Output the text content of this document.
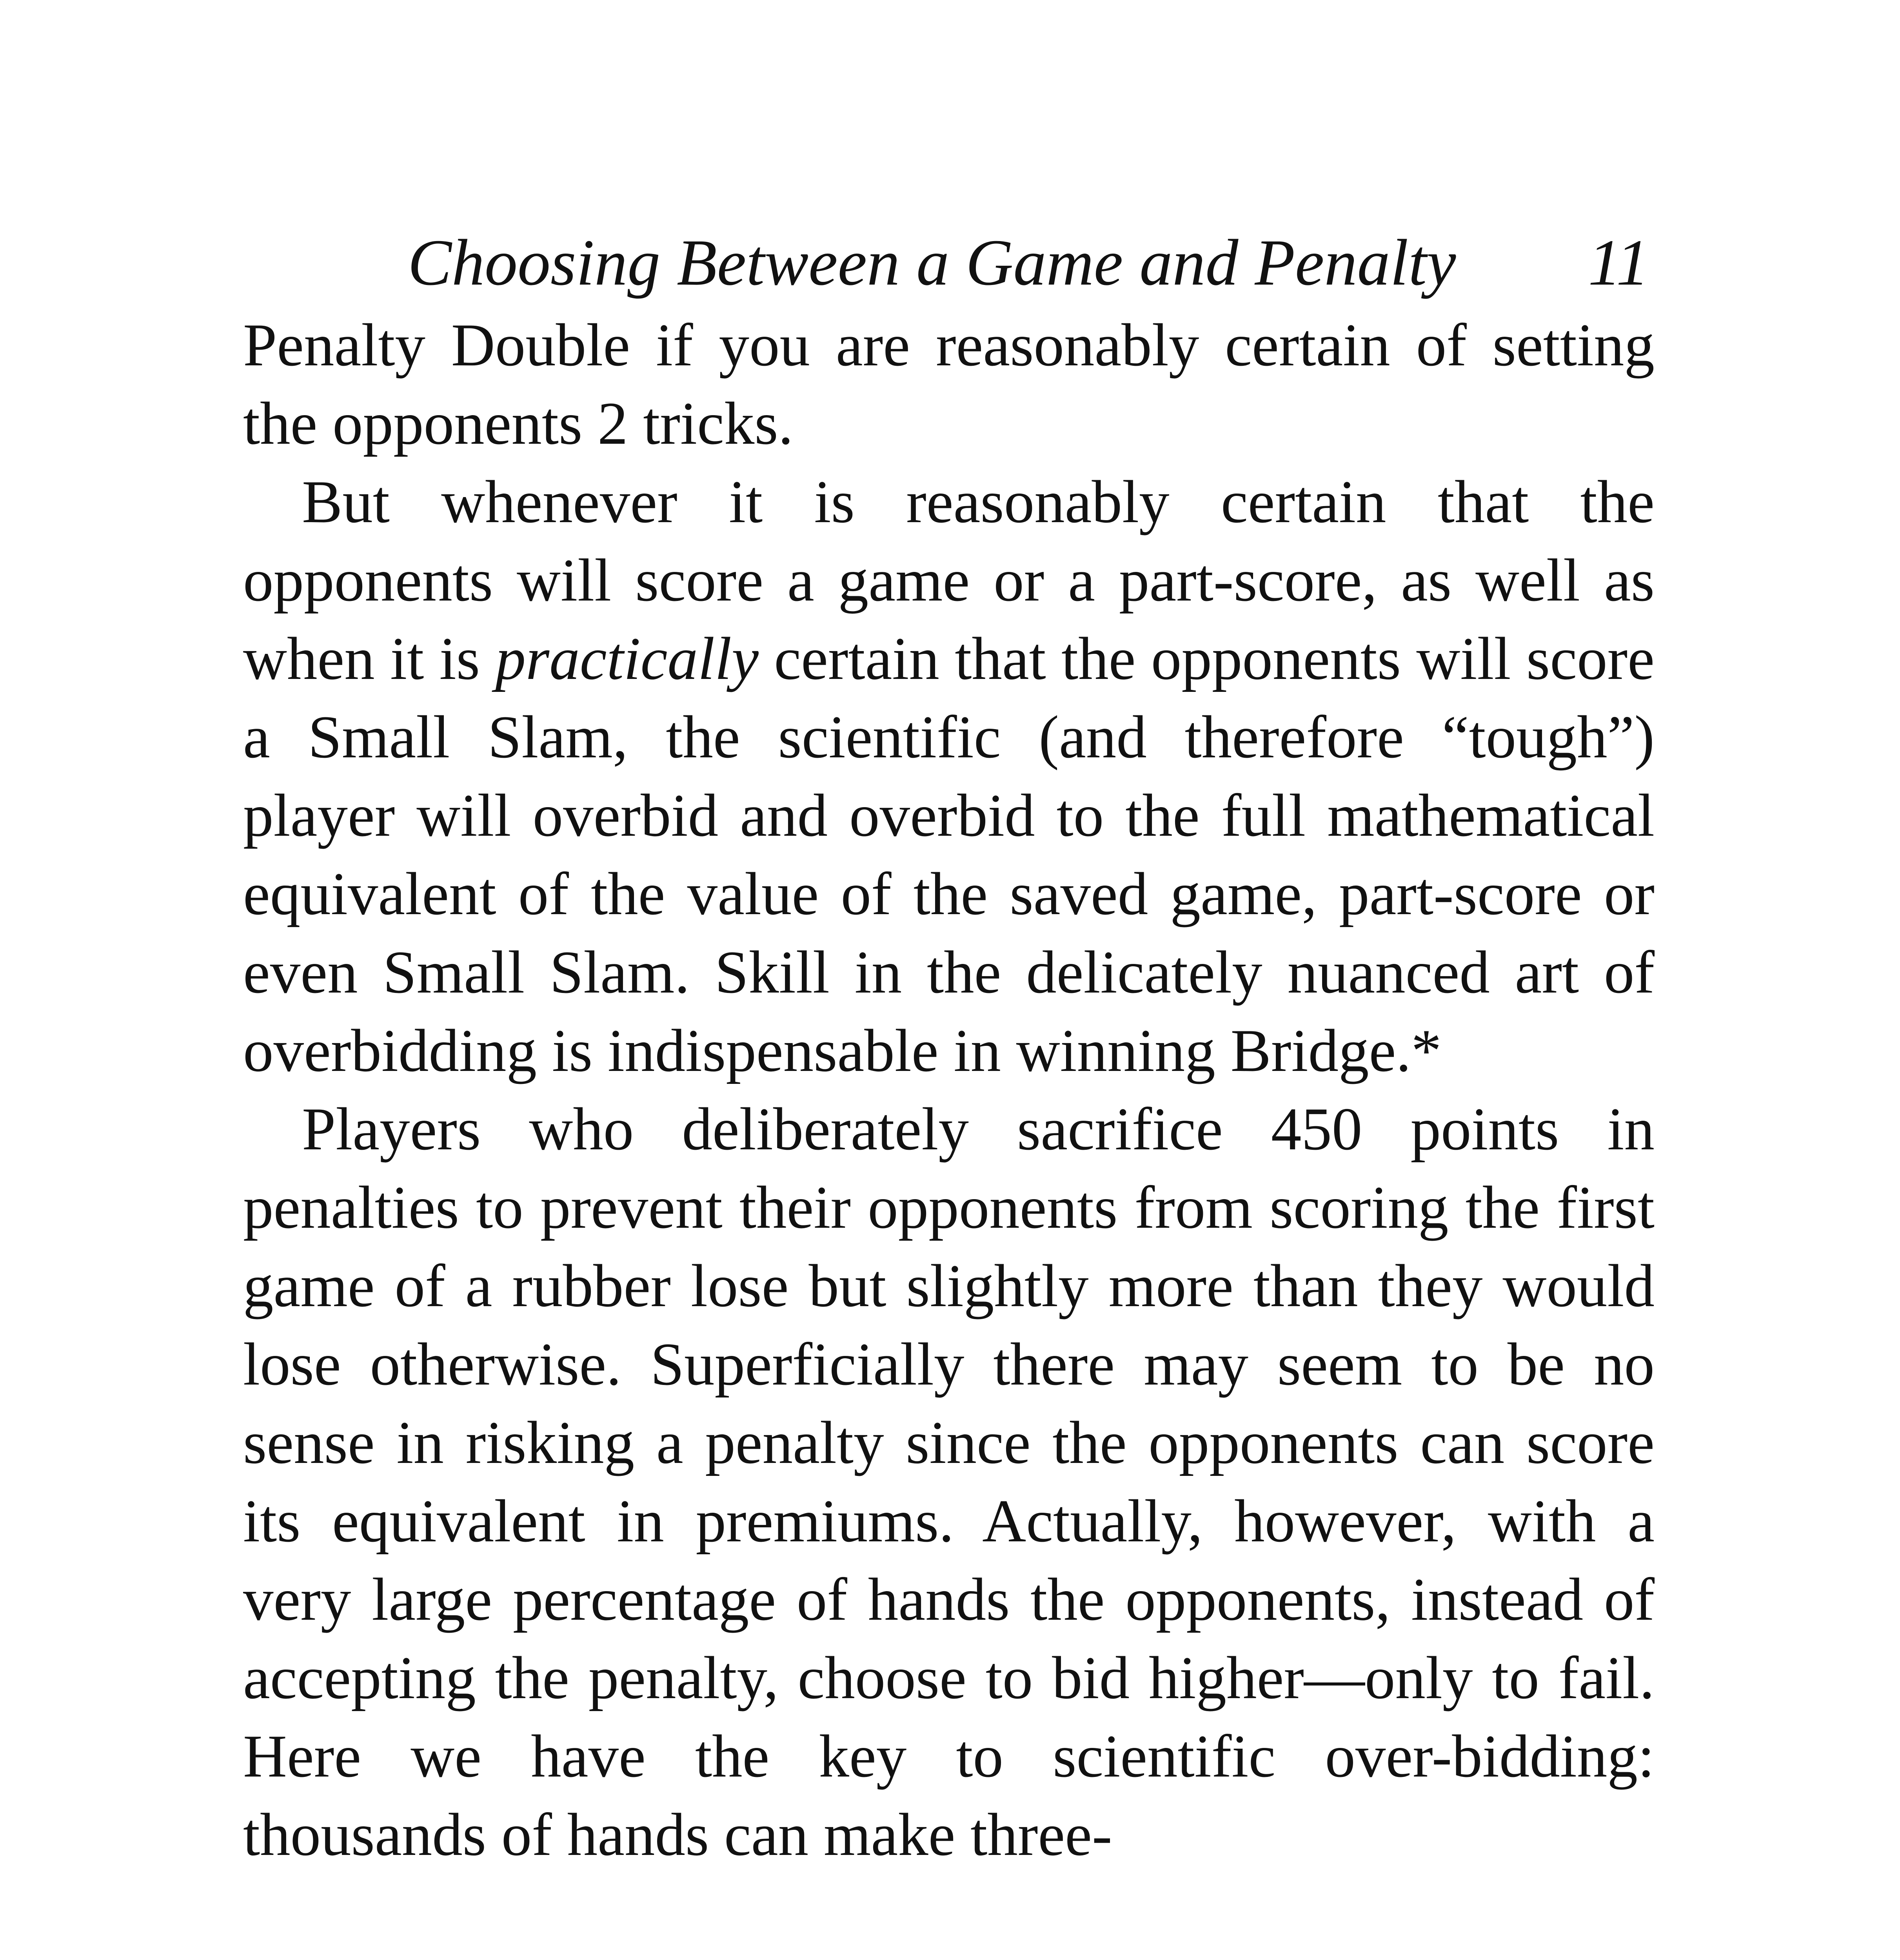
Choosing Between a Game and Penalty 11

Penalty Double if you are reasonably certain of setting the opponents 2 tricks.

But whenever it is reasonably certain that the opponents will score a game or a part-score, as well as when it is practically certain that the opponents will score a Small Slam, the scientific (and therefore “tough”) player will overbid and overbid to the full mathematical equivalent of the value of the saved game, part-score or even Small Slam. Skill in the delicately nuanced art of overbidding is indispensable in winning Bridge.*

Players who deliberately sacrifice 450 points in penalties to prevent their opponents from scoring the first game of a rubber lose but slightly more than they would lose otherwise. Superficially there may seem to be no sense in risking a penalty since the opponents can score its equivalent in premiums. Actually, however, with a very large percentage of hands the opponents, instead of accepting the penalty, choose to bid higher—only to fail. Here we have the key to scientific over-bidding: thousands of hands can make three-
